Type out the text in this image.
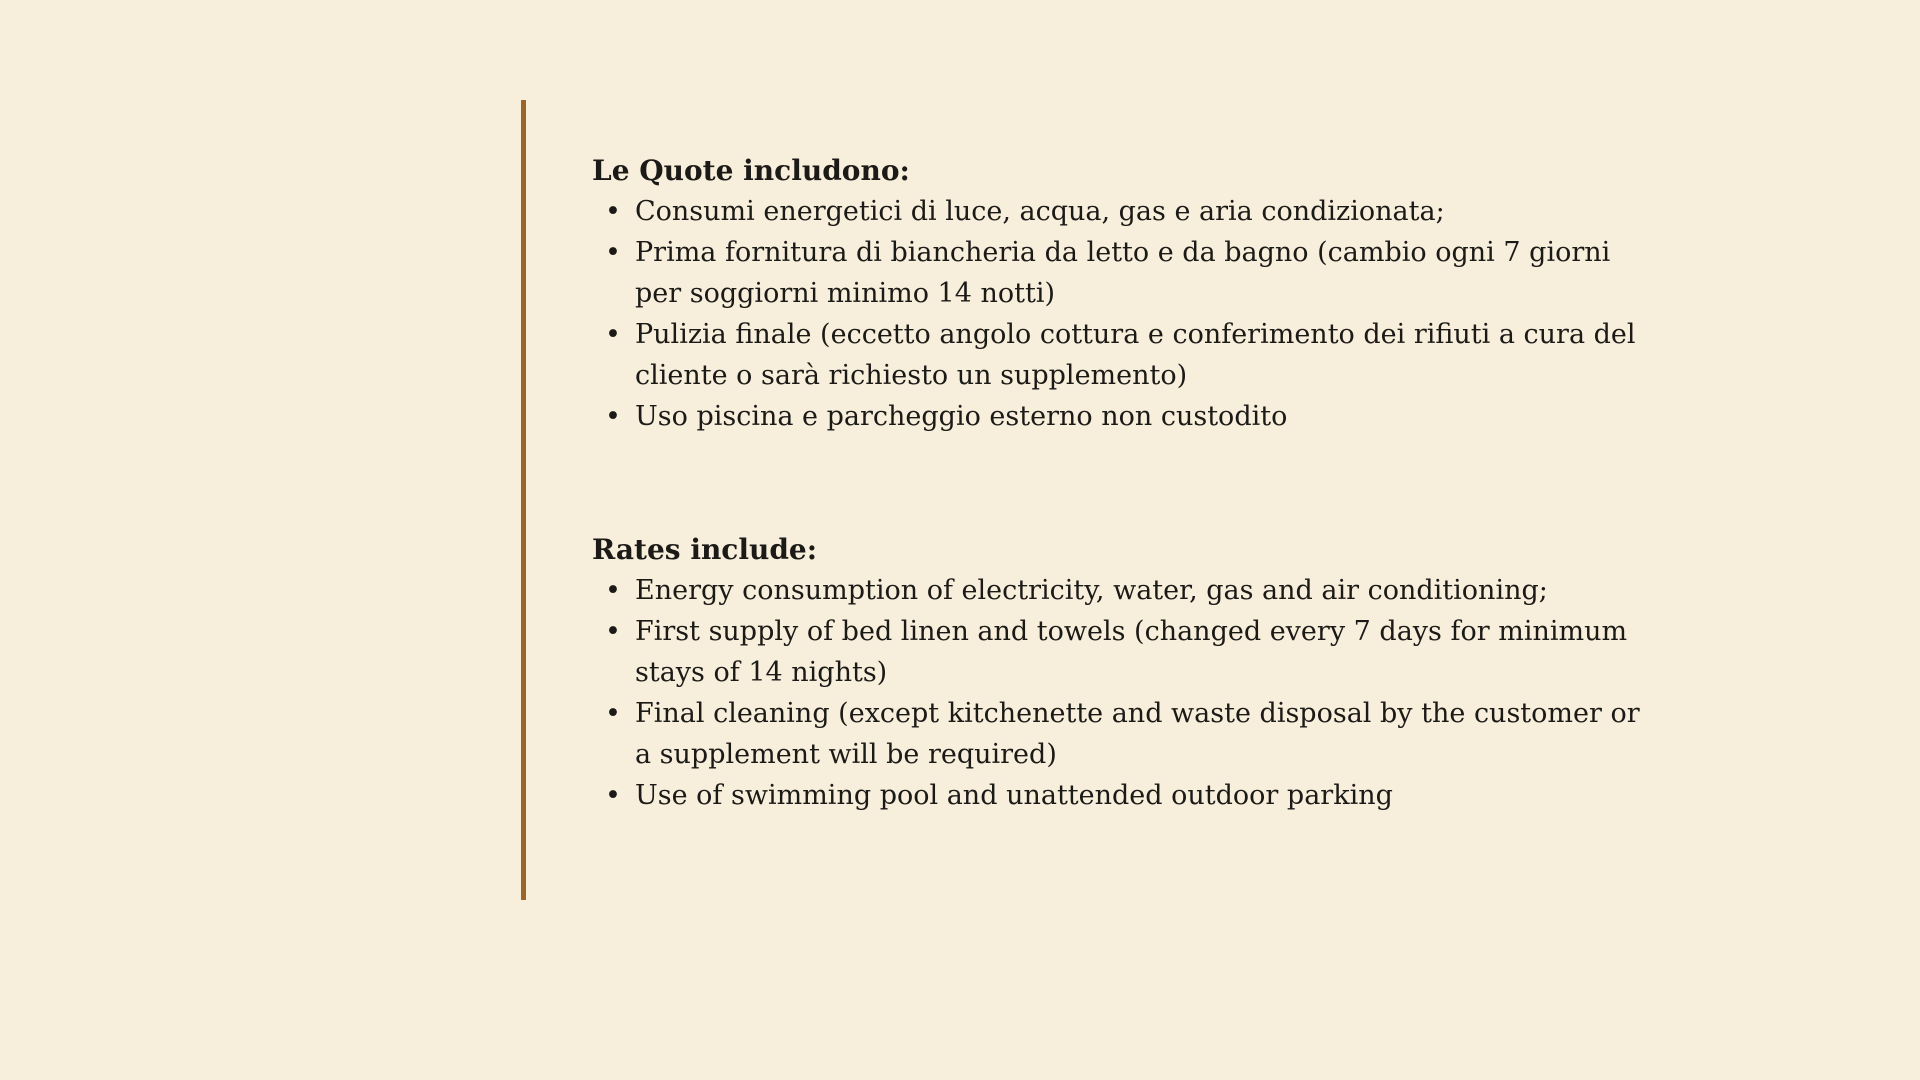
Le Quote includono:
• Consumi energetici di luce, acqua, gas e aria condizionata;
• Prima fornitura di biancheria da letto e da bagno (cambio ogni 7 giorni per soggiorni minimo 14 notti)
• Pulizia finale (eccetto angolo cottura e conferimento dei rifiuti a cura del cliente o sarà richiesto un supplemento)
• Uso piscina e parcheggio esterno non custodito
Rates include:
• Energy consumption of electricity, water, gas and air conditioning;
• First supply of bed linen and towels (changed every 7 days for minimum stays of 14 nights)
• Final cleaning (except kitchenette and waste disposal by the customer or a supplement will be required)
• Use of swimming pool and unattended outdoor parking
